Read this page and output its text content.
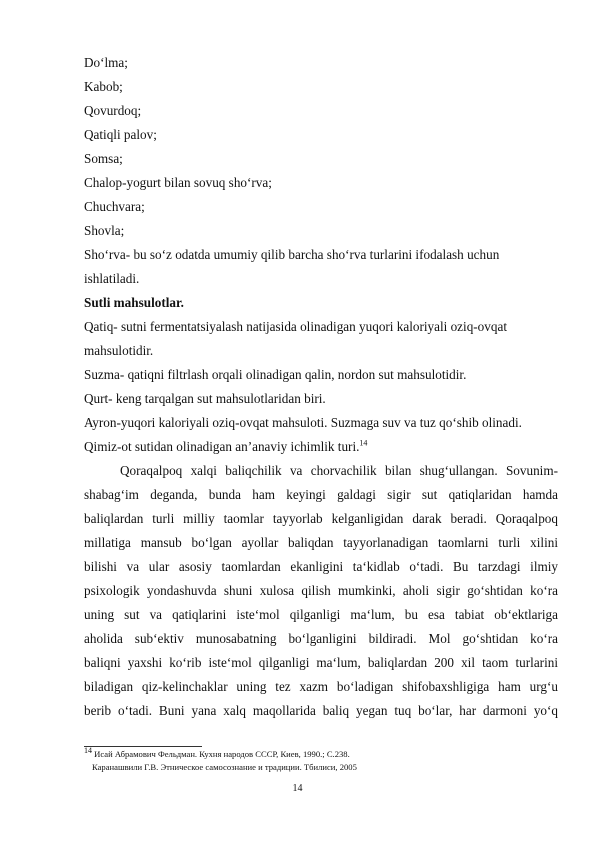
Doʻlma;
Kabob;
Qovurdoq;
Qatiqli palov;
Somsa;
Chalop-yogurt bilan sovuq shoʻrva;
Chuchvara;
Shovla;
Shoʻrva- bu soʻz odatda umumiy qilib barcha shoʻrva turlarini ifodalash uchun
ishlatiladi.
Sutli mahsulotlar.
Qatiq- sutni fermentatsiyalash natijasida olinadigan yuqori kaloriyali oziq-ovqat
mahsulotidir.
Suzma- qatiqni filtrlash orqali olinadigan qalin, nordon sut mahsulotidir.
Qurt- keng tarqalgan sut mahsulotlaridan biri.
Ayron-yuqori kaloriyali oziq-ovqat mahsuloti. Suzmaga suv va tuz qoʻshib olinadi.
Qimiz-ot sutidan olinadigan anʼanaviy ichimlik turi.$^{14}$
Qoraqalpoq xalqi baliqchilik va chorvachilik bilan shugʻullangan. Sovunim-
shabagʻim deganda, bunda ham keyingi galdagi sigir sut qatiqlaridan hamda
baliqlardan turli milliy taomlar tayyorlab kelganligidan darak beradi. Qoraqalpoq
millatiga mansub bo‘lgan ayollar baliqdan tayyorlanadigan taomlarni turli xilini
bilishi va ular asosiy taomlardan ekanligini taʻkidlab oʻtadi. Bu tarzdagi ilmiy
psixologik yondashuvda shuni xulosa qilish mumkinki, aholi sigir goʻshtidan koʻra
uning sut va qatiqlarini isteʻmol qilganligi maʻlum, bu esa tabiat obʻektlariga
aholida subʻektiv munosabatning boʻlganligini bildiradi. Mol goʻshtidan koʻra
baliqni yaxshi koʻrib isteʻmol qilganligi maʻlum, baliqlardan 200 xil taom turlarini
biladigan qiz-kelinchaklar uning tez xazm boʻladigan shifobaxshligiga ham urgʻu
berib oʻtadi. Buni yana xalq maqollarida baliq yegan tuq boʻlar, har darmoni yoʻq
$^{14}$ Исай Абрамович Фельдман. Кухня народов СССР, Киев, 1990.; С.238.
Каранашвили Г.В. Этническое самосознание и традиции. Тбилиси, 2005
14
